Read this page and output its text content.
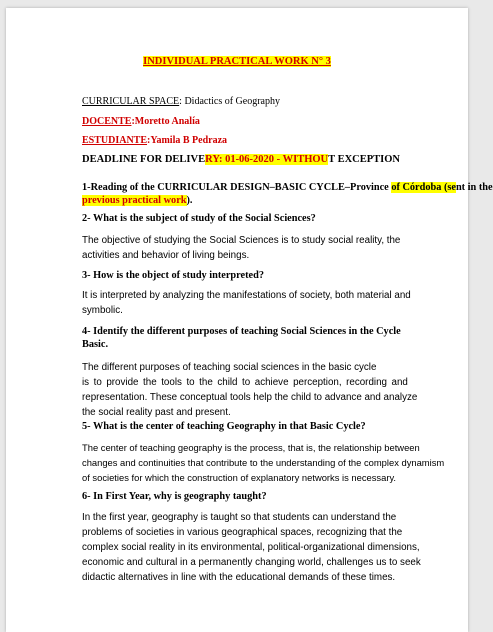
INDIVIDUAL PRACTICAL WORK N° 3
CURRICULAR SPACE: Didactics of Geography
DOCENTE:Moretto Analía
ESTUDIANTE:Yamila B Pedraza
DEADLINE FOR DELIVERY: 01-06-2020 - WITHOUT EXCEPTION
1-Reading of the CURRICULAR DESIGN–BASIC CYCLE–Province of Córdoba (sent in the
previous practical work).
2- What is the subject of study of the Social Sciences?
The objective of studying the Social Sciences is to study social reality, the
activities and behavior of living beings.
3- How is the object of study interpreted?
It is interpreted by analyzing the manifestations of society, both material and
symbolic.
4- Identify the different purposes of teaching Social Sciences in the Cycle
Basic.
The different purposes of teaching social sciences in the basic cycle
is to provide the tools to the child to achieve perception, recording and
representation. These conceptual tools help the child to advance and analyze
the social reality past and present.
5- What is the center of teaching Geography in that Basic Cycle?
The center of teaching geography is the process, that is, the relationship between
changes and continuities that contribute to the understanding of the complex dynamism
of societies for which the construction of explanatory networks is necessary.
6- In First Year, why is geography taught?
In the first year, geography is taught so that students can understand the
problems of societies in various geographical spaces, recognizing that the
complex social reality in its environmental, political-organizational dimensions,
economic and cultural in a permanently changing world, challenges us to seek
didactic alternatives in line with the educational demands of these times.
